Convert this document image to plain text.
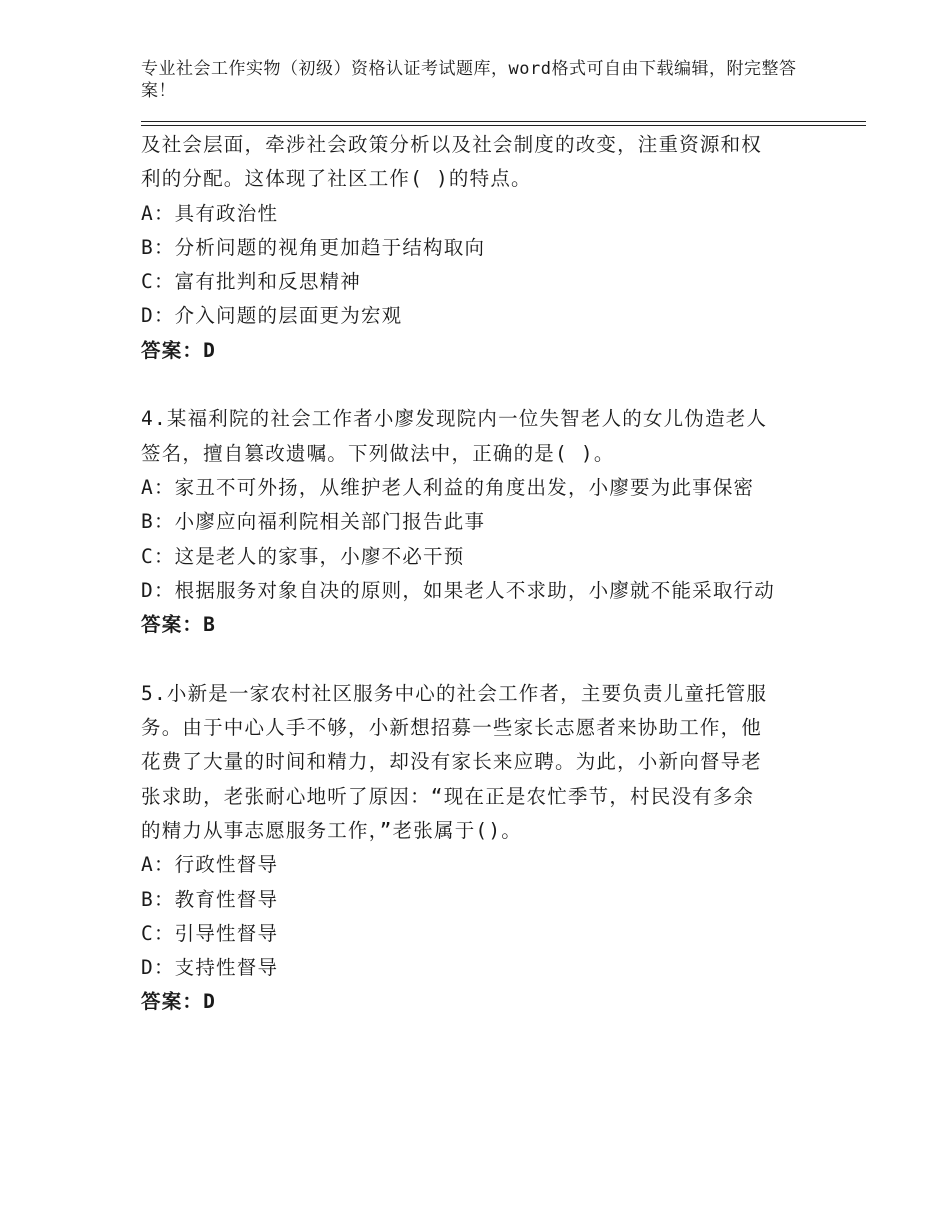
专业社会工作实物（初级）资格认证考试题库，word格式可自由下载编辑，附完整答案！
及社会层面，牵涉社会政策分析以及社会制度的改变，注重资源和权
利的分配。这体现了社区工作( )的特点。
A：具有政治性
B：分析问题的视角更加趋于结构取向
C：富有批判和反思精神
D：介入问题的层面更为宏观
答案：D
4.某福利院的社会工作者小廖发现院内一位失智老人的女儿伪造老人
签名，擅自篡改遗嘱。下列做法中，正确的是( )。
A：家丑不可外扬，从维护老人利益的角度出发，小廖要为此事保密
B：小廖应向福利院相关部门报告此事
C：这是老人的家事，小廖不必干预
D：根据服务对象自决的原则，如果老人不求助，小廖就不能采取行动
答案：B
5.小新是一家农村社区服务中心的社会工作者，主要负责儿童托管服
务。由于中心人手不够，小新想招募一些家长志愿者来协助工作，他
花费了大量的时间和精力，却没有家长来应聘。为此，小新向督导老
张求助，老张耐心地听了原因：“现在正是农忙季节，村民没有多余
的精力从事志愿服务工作，”老张属于()。
A：行政性督导
B：教育性督导
C：引导性督导
D：支持性督导
答案：D
